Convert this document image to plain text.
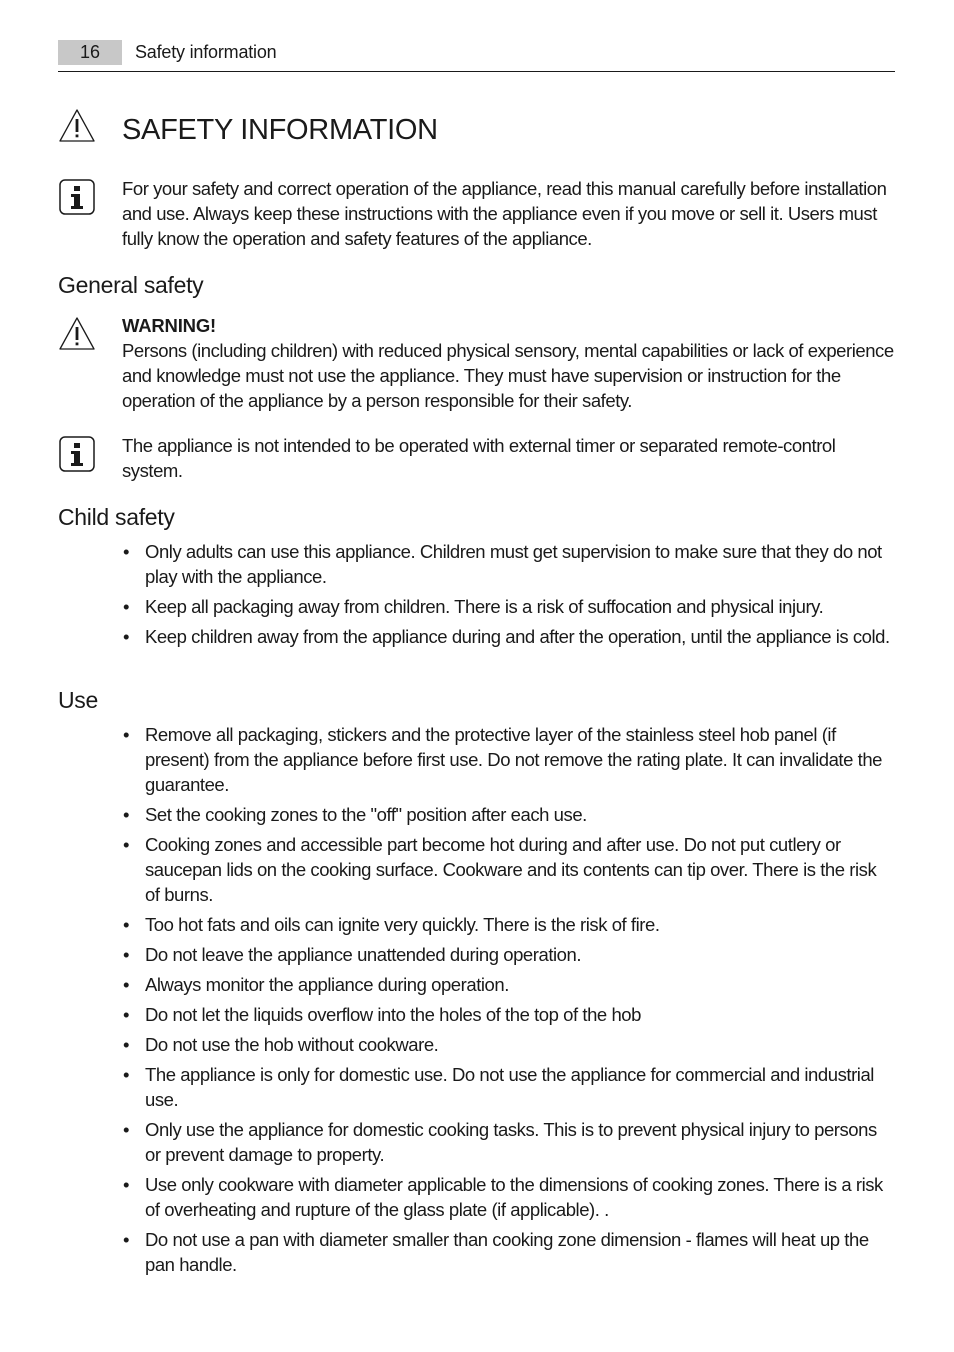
16	Safety information
SAFETY INFORMATION

For your safety and correct operation of the appliance, read this manual carefully before installation and use. Always keep these instructions with the appliance even if you move or sell it. Users must fully know the operation and safety features of the appliance.

General safety

WARNING!

Persons (including children) with reduced physical sensory, mental capabilities or lack of experience and knowledge must not use the appliance. They must have supervision or instruction for the operation of the appliance by a person responsible for their safety.

The appliance is not intended to be operated with external timer or separated remote-control system.

Child safety
• Only adults can use this appliance. Children must get supervision to make sure that they do not play with the appliance.
• Keep all packaging away from children. There is a risk of suffocation and physical injury.
• Keep children away from the appliance during and after the operation, until the appliance is cold.
Use
• Remove all packaging, stickers and the protective layer of the stainless steel hob panel (if present) from the appliance before first use. Do not remove the rating plate. It can invalidate the guarantee.
• Set the cooking zones to the "off" position after each use.
• Cooking zones and accessible part become hot during and after use. Do not put cutlery or saucepan lids on the cooking surface. Cookware and its contents can tip over. There is the risk of burns.
• Too hot fats and oils can ignite very quickly. There is the risk of fire.
• Do not leave the appliance unattended during operation.
• Always monitor the appliance during operation.
• Do not let the liquids overflow into the holes of the top of the hob
• Do not use the hob without cookware.
• The appliance is only for domestic use. Do not use the appliance for commercial and industrial use.
• Only use the appliance for domestic cooking tasks. This is to prevent physical injury to persons or prevent damage to property.
• Use only cookware with diameter applicable to the dimensions of cooking zones. There is a risk of overheating and rupture of the glass plate (if applicable). .
• Do not use a pan with diameter smaller than cooking zone dimension - flames will heat up the pan handle.
